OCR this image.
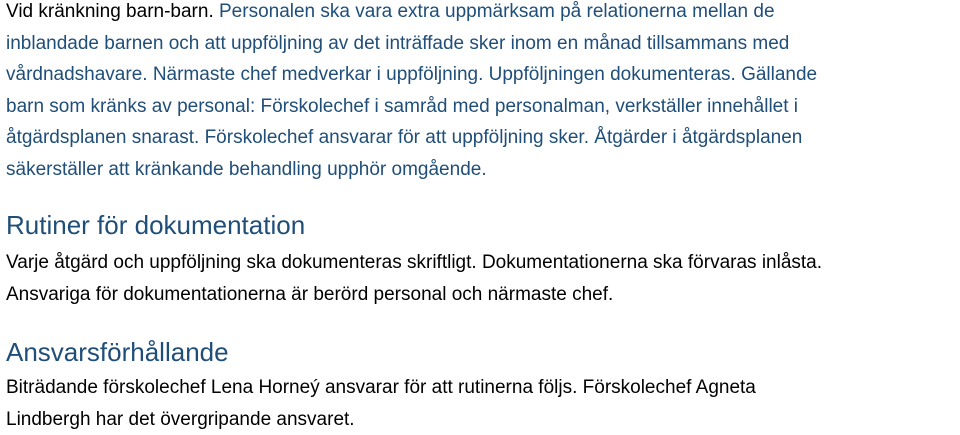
Vid kränkning barn-barn. Personalen ska vara extra uppmärksam på relationerna mellan de
inblandade barnen och att uppföljning av det inträffade sker inom en månad tillsammans med
vårdnadshavare. Närmaste chef medverkar i uppföljning. Uppföljningen dokumenteras. Gällande
barn som kränks av personal: Förskolechef i samråd med personalman, verkställer innehållet i
åtgärdsplanen snarast. Förskolechef ansvarar för att uppföljning sker. Åtgärder i åtgärdsplanen
säkerställer att kränkande behandling upphör omgående.

Rutiner för dokumentation

Varje åtgärd och uppföljning ska dokumenteras skriftligt. Dokumentationerna ska förvaras inlåsta.
Ansvariga för dokumentationerna är berörd personal och närmaste chef.

Ansvarsförhållande

Biträdande förskolechef Lena Horneý ansvarar för att rutinerna följs. Förskolechef Agneta
Lindbergh har det övergripande ansvaret.
